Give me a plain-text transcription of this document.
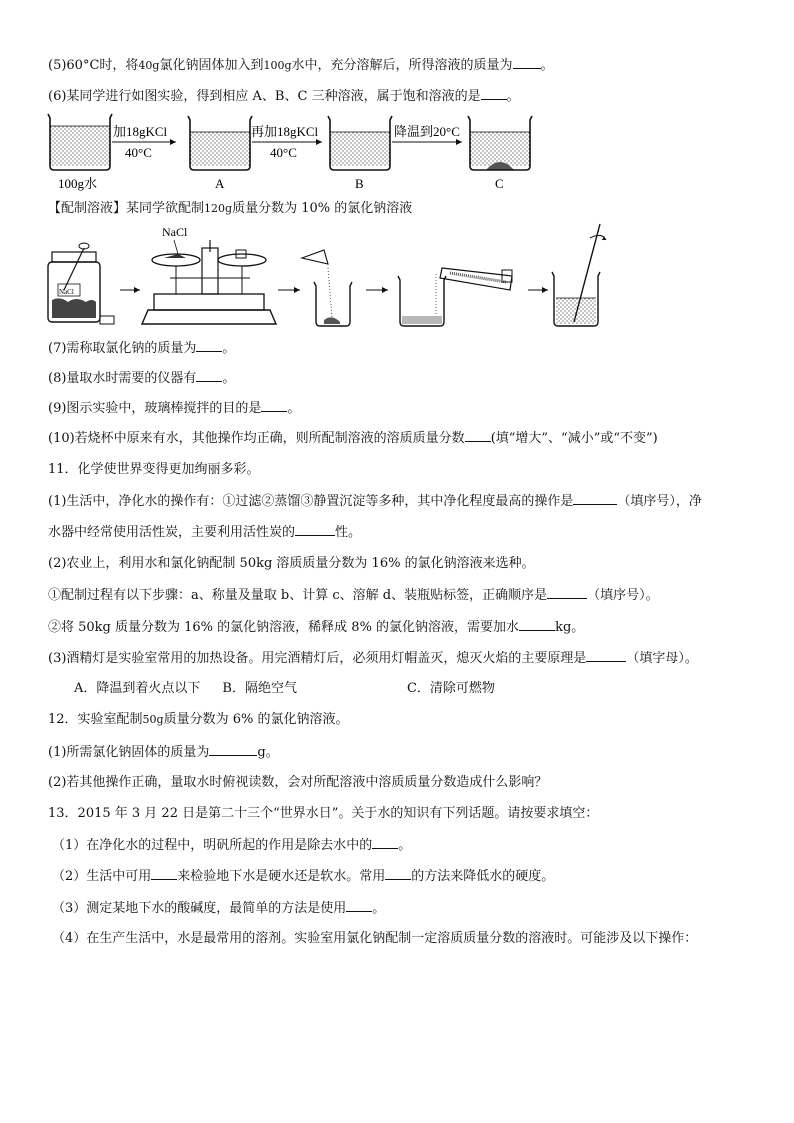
(5)60°C时，将40g氯化钠固体加入到100g水中，充分溶解后，所得溶液的质量为 。
(6)某同学进行如图实验，得到相应 A、B、C 三种溶液，属于饱和溶液的是 。
100g水
加18gKCl
40°C
A
再加18gKCl
40°C
B
降温到20°C
C
【配制溶液】某同学欲配制120g质量分数为 10% 的氯化钠溶液
NaCl
NaCl
(7)需称取氯化钠的质量为 。
(8)量取水时需要的仪器有 。
(9)图示实验中，玻璃棒搅拌的目的是 。
(10)若烧杯中原来有水，其他操作均正确，则所配制溶液的溶质质量分数 (填“增大”、“减小”或“不变”)
11．化学使世界变得更加绚丽多彩。
(1)生活中，净化水的操作有：①过滤②蒸馏③静置沉淀等多种，其中净化程度最高的操作是	（填序号），净
水器中经常使用活性炭，主要利用活性炭的	性。
(2)农业上，利用水和氯化钠配制 50kg 溶质质量分数为 16% 的氯化钠溶液来选种。
①配制过程有以下步骤：a、称量及量取 b、计算 c、溶解 d、装瓶贴标签，正确顺序是	（填序号）。
②将 50kg 质量分数为 16% 的氯化钠溶液，稀释成 8% 的氯化钠溶液，需要加水	kg。
(3)酒精灯是实验室常用的加热设备。用完酒精灯后，必须用灯帽盖灭，熄灭火焰的主要原理是	（填字母）。
A．降温到着火点以下 B．隔绝空气	C．清除可燃物
12．实验室配制50g质量分数为 6% 的氯化钠溶液。
(1)所需氯化钠固体的质量为	g。
(2)若其他操作正确，量取水时俯视读数，会对所配溶液中溶质质量分数造成什么影响？
13．2015 年 3 月 22 日是第二十三个“世界水日”。关于水的知识有下列话题。请按要求填空：
（1）在净化水的过程中，明矾所起的作用是除去水中的 。
（2）生活中可用 来检验地下水是硬水还是软水。常用 的方法来降低水的硬度。
（3）测定某地下水的酸碱度，最简单的方法是使用 。
（4）在生产生活中，水是最常用的溶剂。实验室用氯化钠配制一定溶质质量分数的溶液时。可能涉及以下操作：
